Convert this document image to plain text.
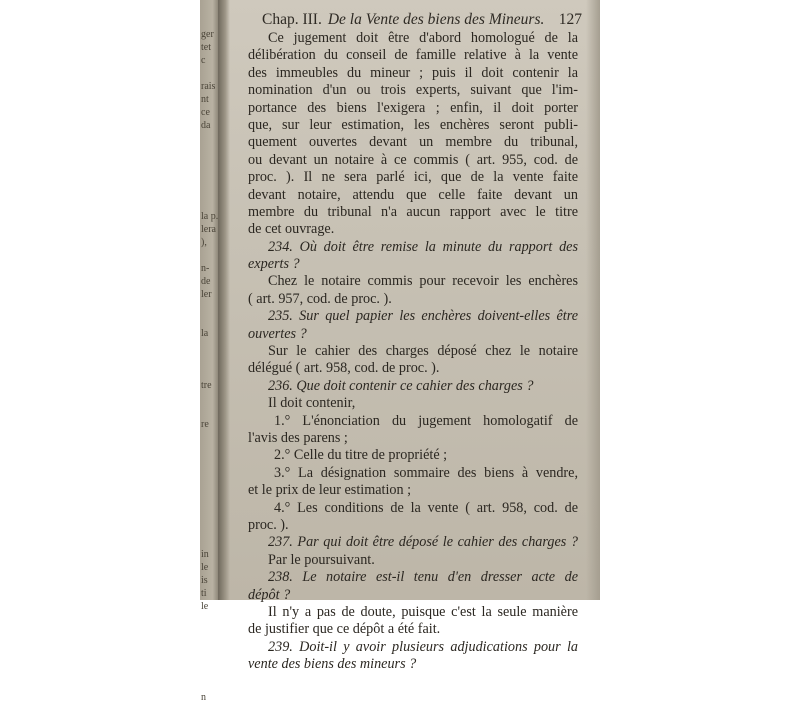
ger
tet
c

rais
nt
ce
da

la p.
lera
),

n-
de
ler

la

tre

re

in
le
is
ti
le

n
Chap. III. De la Vente des biens des Mineurs. 127
Ce jugement doit être d'abord homologué de la
délibération du conseil de famille relative à la vente
des immeubles du mineur ; puis il doit contenir la
nomination d'un ou trois experts, suivant que l'im-
portance des biens l'exigera ; enfin, il doit porter
que, sur leur estimation, les enchères seront publi-
quement ouvertes devant un membre du tribunal,
ou devant un notaire à ce commis ( art. 955, cod. de
proc. ). Il ne sera parlé ici, que de la vente faite
devant notaire, attendu que celle faite devant un
membre du tribunal n'a aucun rapport avec le titre
de cet ouvrage.
234. Où doit être remise la minute du rapport des
experts ?
Chez le notaire commis pour recevoir les enchères
( art. 957, cod. de proc. ).
235. Sur quel papier les enchères doivent-elles être
ouvertes ?
Sur le cahier des charges déposé chez le notaire
délégué ( art. 958, cod. de proc. ).
236. Que doit contenir ce cahier des charges ?
Il doit contenir,
1.° L'énonciation du jugement homologatif de
l'avis des parens ;
2.° Celle du titre de propriété ;
3.° La désignation sommaire des biens à vendre,
et le prix de leur estimation ;
4.° Les conditions de la vente ( art. 958, cod. de
proc. ).
237. Par qui doit être déposé le cahier des charges ?
Par le poursuivant.
238. Le notaire est-il tenu d'en dresser acte de
dépôt ?
Il n'y a pas de doute, puisque c'est la seule manière
de justifier que ce dépôt a été fait.
239. Doit-il y avoir plusieurs adjudications pour la
vente des biens des mineurs ?
